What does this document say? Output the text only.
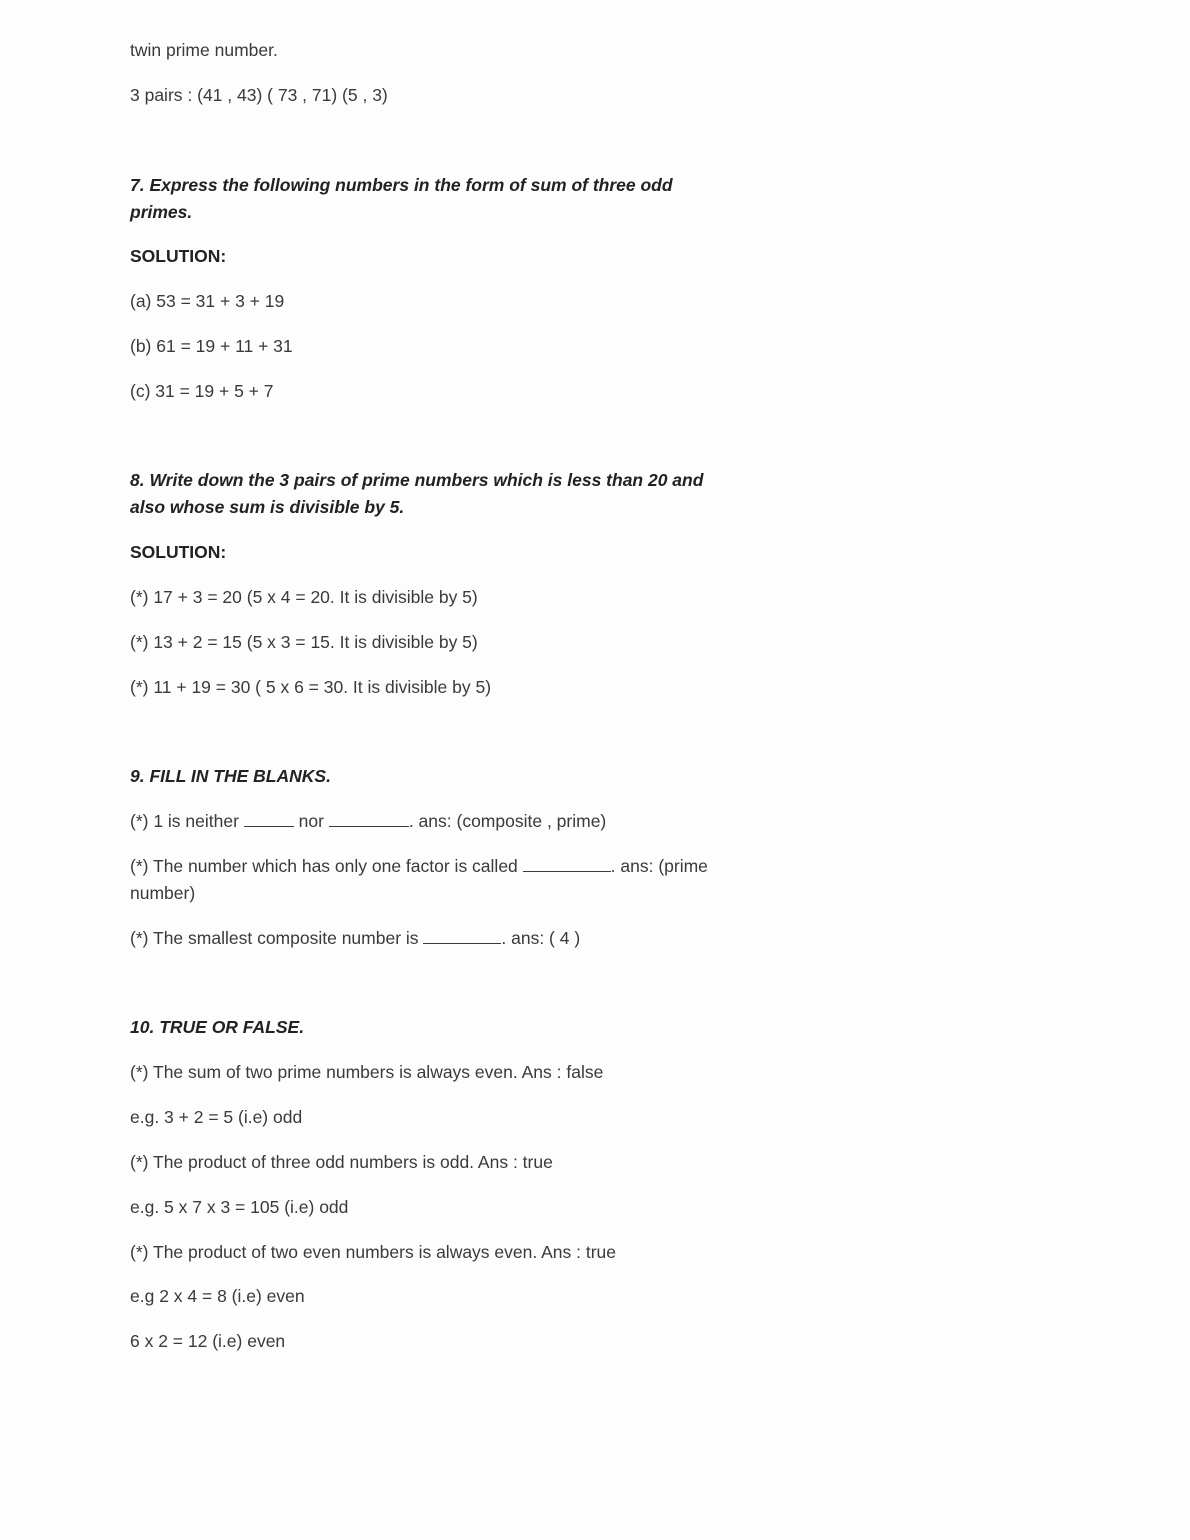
twin prime number.
3 pairs : (41 , 43) ( 73 , 71) (5 , 3)
7. Express the following numbers in the form of sum of three odd primes.
SOLUTION:
(a) 53 = 31 + 3 + 19
(b) 61 = 19 + 11 + 31
(c) 31 = 19 + 5 + 7
8. Write down the 3 pairs of prime numbers which is less than 20 and also whose sum is divisible by 5.
SOLUTION:
(*) 17 + 3 = 20 (5 x 4 = 20. It is divisible by 5)
(*) 13 + 2 = 15 (5 x 3 = 15. It is divisible by 5)
(*) 11 + 19 = 30 ( 5 x 6 = 30. It is divisible by 5)
9. FILL IN THE BLANKS.
(*) 1 is neither	nor	. ans: (composite , prime)
(*) The number which has only one factor is called	. ans: (prime number)
(*) The smallest composite number is	. ans: ( 4 )
10. TRUE OR FALSE.
(*) The sum of two prime numbers is always even. Ans : false
e.g. 3 + 2 = 5 (i.e) odd
(*) The product of three odd numbers is odd. Ans : true
e.g. 5 x 7 x 3 = 105 (i.e) odd
(*) The product of two even numbers is always even. Ans : true
e.g 2 x 4 = 8 (i.e) even
6 x 2 = 12 (i.e) even
